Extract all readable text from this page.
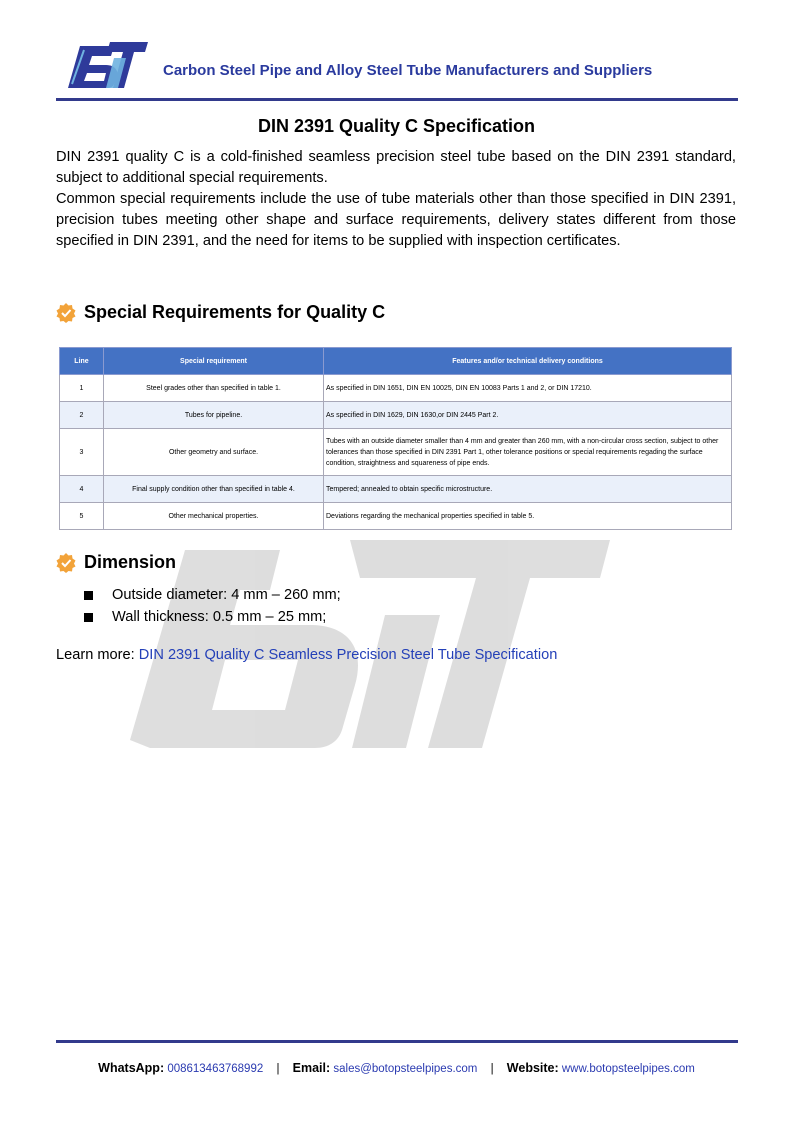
Carbon Steel Pipe and Alloy Steel Tube Manufacturers and Suppliers
DIN 2391 Quality C Specification

DIN 2391 quality C is a cold-finished seamless precision steel tube based on the DIN 2391 standard, subject to additional special requirements.

Common special requirements include the use of tube materials other than those specified in DIN 2391, precision tubes meeting other shape and surface requirements, delivery states different from those specified in DIN 2391, and the need for items to be supplied with inspection certificates.

Special Requirements for Quality C
Line	Special requirement	Features and/or technical delivery conditions
1	Steel grades other than specified in table 1.	As specified in DIN 1651, DIN EN 10025, DIN EN 10083 Parts 1 and 2, or DIN 17210.
2	Tubes for pipeline.	As specified in DIN 1629, DIN 1630,or DIN 2445 Part 2.
3	Other geometry and surface.	Tubes with an outside diameter smaller than 4 mm and greater than 260 mm, with a non-circular cross section, subject to other tolerances than those specified in DIN 2391 Part 1, other tolerance positions or special requirements regading the surface condition, straightness and squareness of pipe ends.
4	Final supply condition other than specified in table 4.	Tempered; annealed to obtain specific microstructure.
5	Other mechanical properties.	Deviations regarding the mechanical properties specified in table 5.
Dimension
Outside diameter: 4 mm – 260 mm;
Wall thickness: 0.5 mm – 25 mm;
Learn more: DIN 2391 Quality C Seamless Precision Steel Tube Specification
WhatsApp: 008613463768992 | Email: sales@botopsteelpipes.com | Website: www.botopsteelpipes.com
